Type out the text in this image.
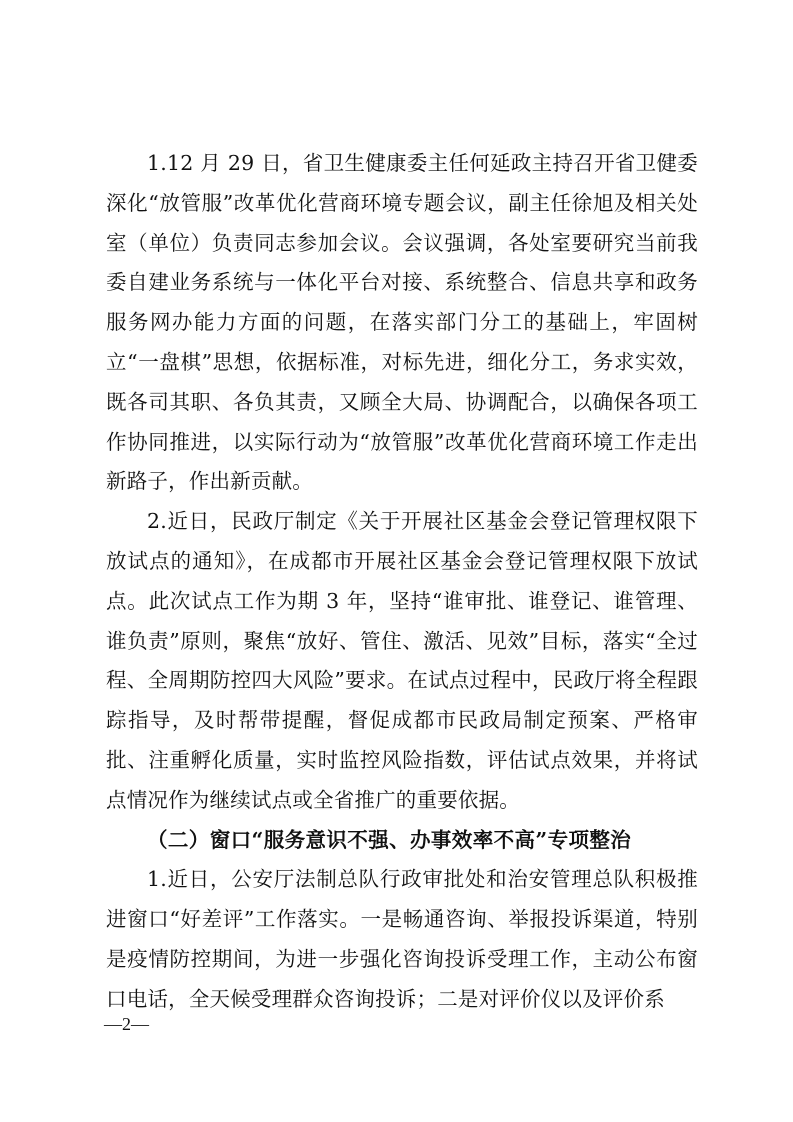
1.12 月 29 日，省卫生健康委主任何延政主持召开省卫健委深化“放管服”改革优化营商环境专题会议，副主任徐旭及相关处室（单位）负责同志参加会议。会议强调，各处室要研究当前我委自建业务系统与一体化平台对接、系统整合、信息共享和政务服务网办能力方面的问题，在落实部门分工的基础上，牢固树立“一盘棋”思想，依据标准，对标先进，细化分工，务求实效，既各司其职、各负其责，又顾全大局、协调配合，以确保各项工作协同推进，以实际行动为“放管服”改革优化营商环境工作走出新路子，作出新贡献。

2.近日，民政厅制定《关于开展社区基金会登记管理权限下放试点的通知》，在成都市开展社区基金会登记管理权限下放试点。此次试点工作为期 3 年，坚持“谁审批、谁登记、谁管理、谁负责”原则，聚焦“放好、管住、激活、见效”目标，落实“全过程、全周期防控四大风险”要求。在试点过程中，民政厅将全程跟踪指导，及时帮带提醒，督促成都市民政局制定预案、严格审批、注重孵化质量，实时监控风险指数，评估试点效果，并将试点情况作为继续试点或全省推广的重要依据。

（二）窗口“服务意识不强、办事效率不高”专项整治

1.近日，公安厅法制总队行政审批处和治安管理总队积极推进窗口“好差评”工作落实。一是畅通咨询、举报投诉渠道，特别是疫情防控期间，为进一步强化咨询投诉受理工作，主动公布窗口电话，全天候受理群众咨询投诉；二是对评价仪以及评价系

—2—
